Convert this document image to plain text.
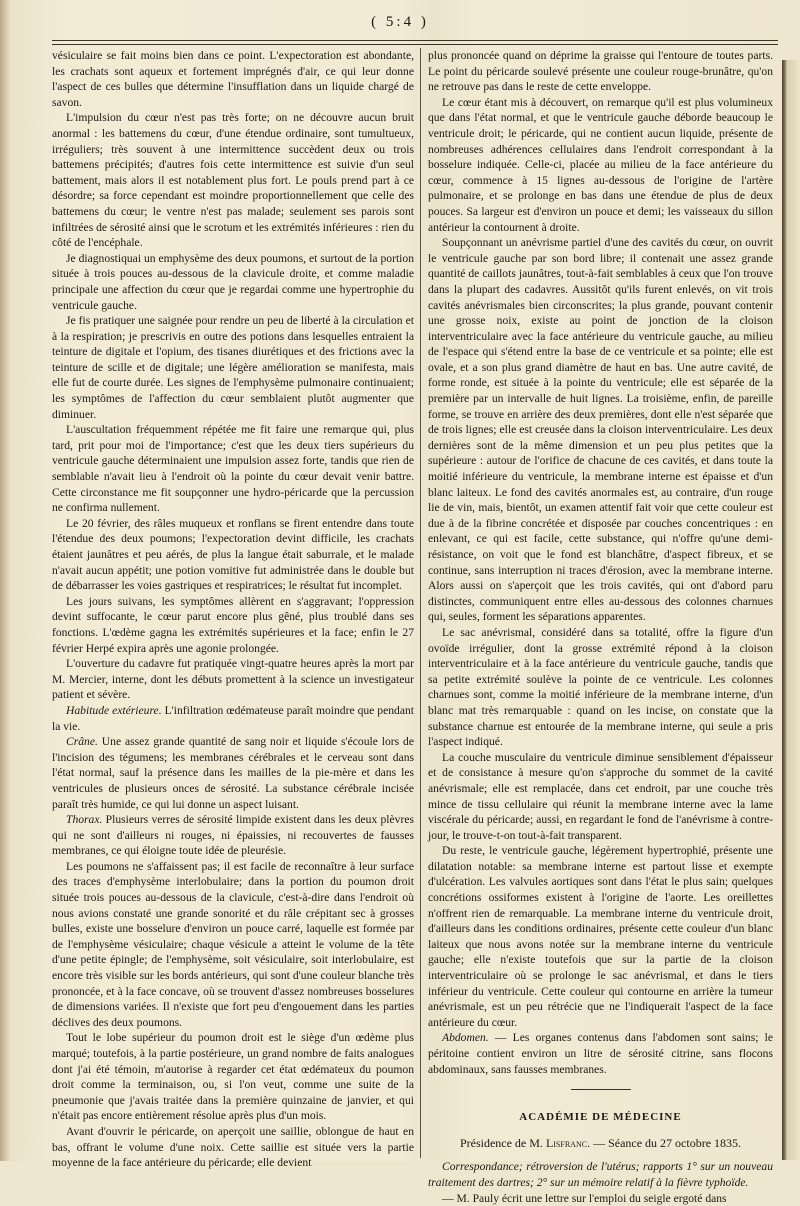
( 5:4 )

vésiculaire se fait moins bien dans ce point. L'expectoration est abondante, les crachats sont aqueux et fortement imprégnés d'air, ce qui leur donne l'aspect de ces bulles que détermine l'insufflation dans un liquide chargé de savon.

L'impulsion du cœur n'est pas très forte; on ne découvre aucun bruit anormal : les battemens du cœur, d'une étendue ordinaire, sont tumultueux, irréguliers; très souvent à une intermittence succèdent deux ou trois battemens précipités; d'autres fois cette intermittence est suivie d'un seul battement, mais alors il est notablement plus fort. Le pouls prend part à ce désordre; sa force cependant est moindre proportionnellement que celle des battemens du cœur; le ventre n'est pas malade; seulement ses parois sont infiltrées de sérosité ainsi que le scrotum et les extrémités inférieures : rien du côté de l'encéphale.

Je diagnostiquai un emphysème des deux poumons, et surtout de la portion située à trois pouces au-dessous de la clavicule droite, et comme maladie principale une affection du cœur que je regardai comme une hypertrophie du ventricule gauche.

Je fis pratiquer une saignée pour rendre un peu de liberté à la circulation et à la respiration; je prescrivis en outre des potions dans lesquelles entraient la teinture de digitale et l'opium, des tisanes diurétiques et des frictions avec la teinture de scille et de digitale; une légère amélioration se manifesta, mais elle fut de courte durée. Les signes de l'emphysème pulmonaire continuaient; les symptômes de l'affection du cœur semblaient plutôt augmenter que diminuer.

L'auscultation fréquemment répétée me fit faire une remarque qui, plus tard, prit pour moi de l'importance; c'est que les deux tiers supérieurs du ventricule gauche déterminaient une impulsion assez forte, tandis que rien de semblable n'avait lieu à l'endroit où la pointe du cœur devait venir battre. Cette circonstance me fit soupçonner une hydro-péricarde que la percussion ne confirma nullement.

Le 20 février, des râles muqueux et ronflans se firent entendre dans toute l'étendue des deux poumons; l'expectoration devint difficile, les crachats étaient jaunâtres et peu aérés, de plus la langue était saburrale, et le malade n'avait aucun appétit; une potion vomitive fut administrée dans le double but de débarrasser les voies gastriques et respiratrices; le résultat fut incomplet.

Les jours suivans, les symptômes allèrent en s'aggravant; l'oppression devint suffocante, le cœur parut encore plus gêné, plus troublé dans ses fonctions. L'œdème gagna les extrémités supérieures et la face; enfin le 27 février Herpé expira après une agonie prolongée.

L'ouverture du cadavre fut pratiquée vingt-quatre heures après la mort par M. Mercier, interne, dont les débuts promettent à la science un investigateur patient et sévère.

Habitude extérieure. L'infiltration œdémateuse paraît moindre que pendant la vie.

Crâne. Une assez grande quantité de sang noir et liquide s'écoule lors de l'incision des tégumens; les membranes cérébrales et le cerveau sont dans l'état normal, sauf la présence dans les mailles de la pie-mère et dans les ventricules de plusieurs onces de sérosité. La substance cérébrale incisée paraît très humide, ce qui lui donne un aspect luisant.

Thorax. Plusieurs verres de sérosité limpide existent dans les deux plèvres qui ne sont d'ailleurs ni rouges, ni épaissies, ni recouvertes de fausses membranes, ce qui éloigne toute idée de pleurésie.

Les poumons ne s'affaissent pas; il est facile de reconnaître à leur surface des traces d'emphysème interlobulaire; dans la portion du poumon droit située trois pouces au-dessous de la clavicule, c'est-à-dire dans l'endroit où nous avions constaté une grande sonorité et du râle crépitant sec à grosses bulles, existe une bosselure d'environ un pouce carré, laquelle est formée par de l'emphysème vésiculaire; chaque vésicule a atteint le volume de la tête d'une petite épingle; de l'emphysème, soit vésiculaire, soit interlobulaire, est encore très visible sur les bords antérieurs, qui sont d'une couleur blanche très prononcée, et à la face concave, où se trouvent d'assez nombreuses bosselures de dimensions variées. Il n'existe que fort peu d'engouement dans les parties déclives des deux poumons.

Tout le lobe supérieur du poumon droit est le siège d'un œdème plus marqué; toutefois, à la partie postérieure, un grand nombre de faits analogues dont j'ai été témoin, m'autorise à regarder cet état œdémateux du poumon droit comme la terminaison, ou, si l'on veut, comme une suite de la pneumonie que j'avais traitée dans la première quinzaine de janvier, et qui n'était pas encore entièrement résolue après plus d'un mois.

Avant d'ouvrir le péricarde, on aperçoit une saillie, oblongue de haut en bas, offrant le volume d'une noix. Cette saillie est située vers la partie moyenne de la face antérieure du péricarde; elle devient

plus prononcée quand on déprime la graisse qui l'entoure de toutes parts. Le point du péricarde soulevé présente une couleur rouge-brunâtre, qu'on ne retrouve pas dans le reste de cette enveloppe.

Le cœur étant mis à découvert, on remarque qu'il est plus volumineux que dans l'état normal, et que le ventricule gauche déborde beaucoup le ventricule droit; le péricarde, qui ne contient aucun liquide, présente de nombreuses adhérences cellulaires dans l'endroit correspondant à la bosselure indiquée. Celle-ci, placée au milieu de la face antérieure du cœur, commence à 15 lignes au-dessous de l'origine de l'artère pulmonaire, et se prolonge en bas dans une étendue de plus de deux pouces. Sa largeur est d'environ un pouce et demi; les vaisseaux du sillon antérieur la contournent à droite.

Soupçonnant un anévrisme partiel d'une des cavités du cœur, on ouvrit le ventricule gauche par son bord libre; il contenait une assez grande quantité de caillots jaunâtres, tout-à-fait semblables à ceux que l'on trouve dans la plupart des cadavres. Aussitôt qu'ils furent enlevés, on vit trois cavités anévrismales bien circonscrites; la plus grande, pouvant contenir une grosse noix, existe au point de jonction de la cloison interventriculaire avec la face antérieure du ventricule gauche, au milieu de l'espace qui s'étend entre la base de ce ventricule et sa pointe; elle est ovale, et a son plus grand diamètre de haut en bas. Une autre cavité, de forme ronde, est située à la pointe du ventricule; elle est séparée de la première par un intervalle de huit lignes. La troisième, enfin, de pareille forme, se trouve en arrière des deux premières, dont elle n'est séparée que de trois lignes; elle est creusée dans la cloison interventriculaire. Les deux dernières sont de la même dimension et un peu plus petites que la supérieure : autour de l'orifice de chacune de ces cavités, et dans toute la moitié inférieure du ventricule, la membrane interne est épaisse et d'un blanc laiteux. Le fond des cavités anormales est, au contraire, d'un rouge lie de vin, mais, bientôt, un examen attentif fait voir que cette couleur est due à de la fibrine concrétée et disposée par couches concentriques : en enlevant, ce qui est facile, cette substance, qui n'offre qu'une demi-résistance, on voit que le fond est blanchâtre, d'aspect fibreux, et se continue, sans interruption ni traces d'érosion, avec la membrane interne. Alors aussi on s'aperçoit que les trois cavités, qui ont d'abord paru distinctes, communiquent entre elles au-dessous des colonnes charnues qui, seules, forment les séparations apparentes.

Le sac anévrismal, considéré dans sa totalité, offre la figure d'un ovoïde irrégulier, dont la grosse extrémité répond à la cloison interventriculaire et à la face antérieure du ventricule gauche, tandis que sa petite extrémité soulève la pointe de ce ventricule. Les colonnes charnues sont, comme la moitié inférieure de la membrane interne, d'un blanc mat très remarquable : quand on les incise, on constate que la substance charnue est entourée de la membrane interne, qui seule a pris l'aspect indiqué.

La couche musculaire du ventricule diminue sensiblement d'épaisseur et de consistance à mesure qu'on s'approche du sommet de la cavité anévrismale; elle est remplacée, dans cet endroit, par une couche très mince de tissu cellulaire qui réunit la membrane interne avec la lame viscérale du péricarde; aussi, en regardant le fond de l'anévrisme à contre-jour, le trouve-t-on tout-à-fait transparent.

Du reste, le ventricule gauche, légèrement hypertrophié, présente une dilatation notable: sa membrane interne est partout lisse et exempte d'ulcération. Les valvules aortiques sont dans l'état le plus sain; quelques concrétions ossiformes existent à l'origine de l'aorte. Les oreillettes n'offrent rien de remarquable. La membrane interne du ventricule droit, d'ailleurs dans les conditions ordinaires, présente cette couleur d'un blanc laiteux que nous avons notée sur la membrane interne du ventricule gauche; elle n'existe toutefois que sur la partie de la cloison interventriculaire où se prolonge le sac anévrismal, et dans le tiers inférieur du ventricule. Cette couleur qui contourne en arrière la tumeur anévrismale, est un peu rétrécie que ne l'indiquerait l'aspect de la face antérieure du cœur.

Abdomen. — Les organes contenus dans l'abdomen sont sains; le péritoine contient environ un litre de sérosité citrine, sans flocons abdominaux, sans fausses membranes.

ACADÉMIE DE MÉDECINE
Présidence de M. Lisfranc. — Séance du 27 octobre 1835.

Correspondance; rétroversion de l'utérus; rapports 1° sur un nouveau traitement des dartres; 2° sur un mémoire relatif à la fièvre typhoïde.

— M. Pauly écrit une lettre sur l'emploi du seigle ergoté dans
